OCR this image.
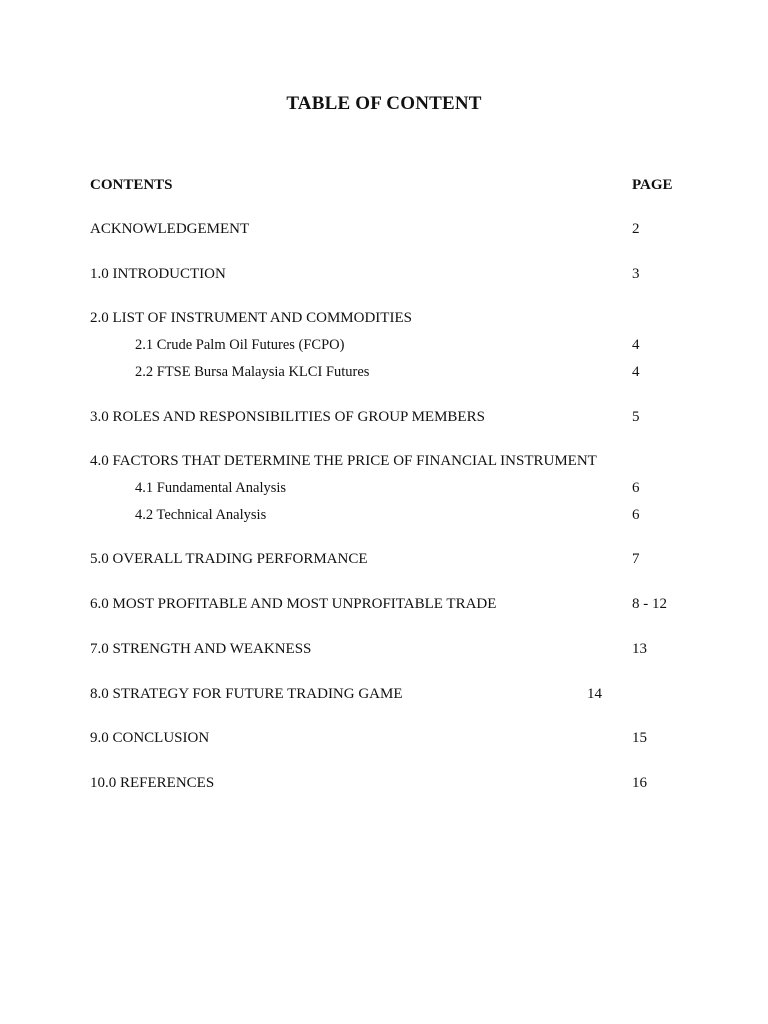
TABLE OF CONTENT
CONTENTS	PAGE
ACKNOWLEDGEMENT	2
1.0 INTRODUCTION	3
2.0 LIST OF INSTRUMENT AND COMMODITIES
2.1 Crude Palm Oil Futures (FCPO)	4
2.2 FTSE Bursa Malaysia KLCI Futures	4
3.0 ROLES AND RESPONSIBILITIES OF GROUP MEMBERS	5
4.0 FACTORS THAT DETERMINE THE PRICE OF FINANCIAL INSTRUMENT
4.1 Fundamental Analysis	6
4.2 Technical Analysis	6
5.0 OVERALL TRADING PERFORMANCE	7
6.0 MOST PROFITABLE AND MOST UNPROFITABLE TRADE	8 - 12
7.0 STRENGTH AND WEAKNESS	13
8.0 STRATEGY FOR FUTURE TRADING GAME	14
9.0 CONCLUSION	15
10.0 REFERENCES	16
